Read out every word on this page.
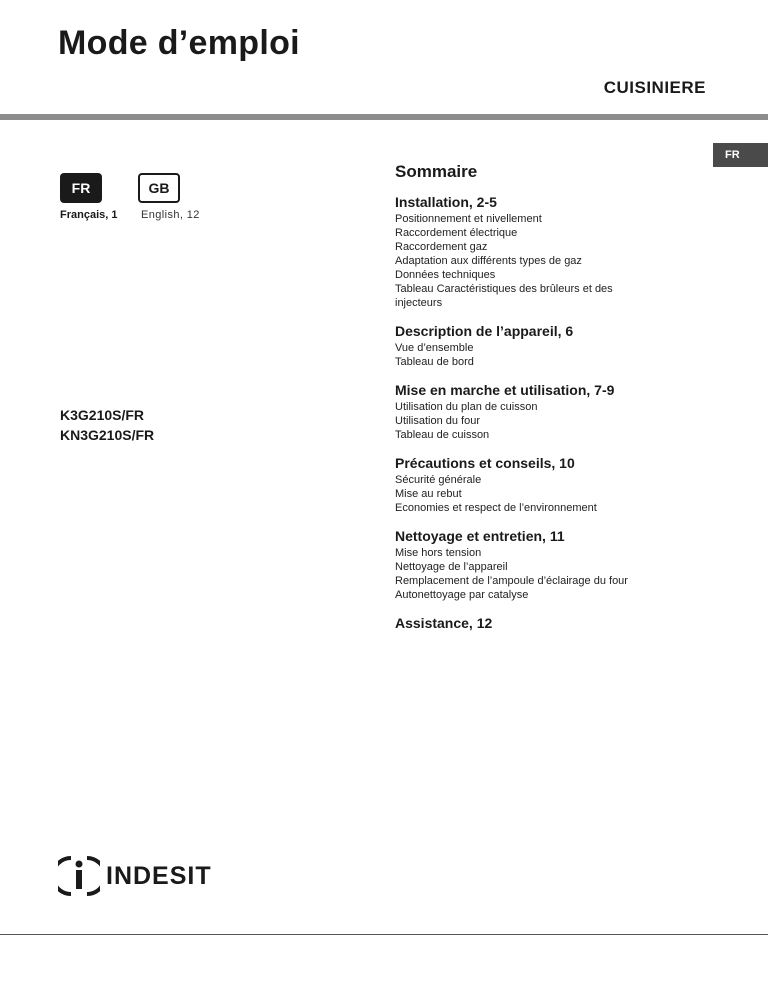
Mode d’emploi
CUISINIERE
FR
FR	GB
Français, 1 English, 12
K3G210S/FR
KN3G210S/FR
Sommaire
Installation, 2-5
Positionnement et nivellement
Raccordement électrique
Raccordement gaz
Adaptation aux différents types de gaz
Données techniques
Tableau Caractéristiques des brûleurs et des
injecteurs
Description de l’appareil, 6
Vue d’ensemble
Tableau de bord
Mise en marche et utilisation, 7-9
Utilisation du plan de cuisson
Utilisation du four
Tableau de cuisson
Précautions et conseils, 10
Sécurité générale
Mise au rebut
Economies et respect de l’environnement
Nettoyage et entretien, 11
Mise hors tension
Nettoyage de l’appareil
Remplacement de l’ampoule d’éclairage du four
Autonettoyage par catalyse
Assistance, 12
INDESIT
